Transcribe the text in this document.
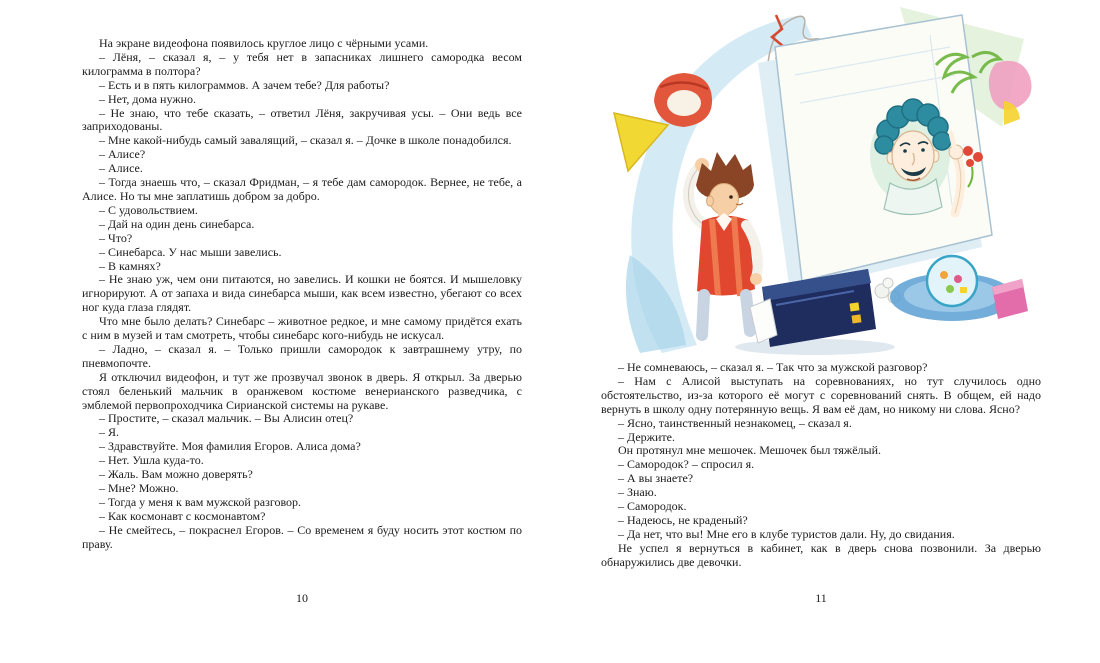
На экране видеофона появилось круглое лицо с чёрными усами.

– Лёня, – сказал я, – у тебя нет в запасниках лишнего самородка весом килограмма в полтора?

– Есть и в пять килограммов. А зачем тебе? Для работы?

– Нет, дома нужно.

– Не знаю, что тебе сказать, – ответил Лёня, закручивая усы. – Они ведь все заприходованы.

– Мне какой-нибудь самый завалящий, – сказал я. – Дочке в школе понадобился.

– Алисе?

– Алисе.

– Тогда знаешь что, – сказал Фридман, – я тебе дам самородок. Вернее, не тебе, а Алисе. Но ты мне заплатишь добром за добро.

– С удовольствием.

– Дай на один день синебарса.

– Что?

– Синебарса. У нас мыши завелись.

– В камнях?

– Не знаю уж, чем они питаются, но завелись. И кошки не боятся. И мышеловку игнорируют. А от запаха и вида синебарса мыши, как всем известно, убегают со всех ног куда глаза глядят.

Что мне было делать? Синебарс – животное редкое, и мне самому придётся ехать с ним в музей и там смотреть, чтобы синебарс кого-нибудь не искусал.

– Ладно, – сказал я. – Только пришли самородок к завтрашнему утру, по пневмопочте.

Я отключил видеофон, и тут же прозвучал звонок в дверь. Я открыл. За дверью стоял беленький мальчик в оранжевом костюме венерианского разведчика, с эмблемой первопроходчика Сирианской системы на рукаве.

– Простите, – сказал мальчик. – Вы Алисин отец?

– Я.

– Здравствуйте. Моя фамилия Егоров. Алиса дома?

– Нет. Ушла куда-то.

– Жаль. Вам можно доверять?

– Мне? Можно.

– Тогда у меня к вам мужской разговор.

– Как космонавт с космонавтом?

– Не смейтесь, – покраснел Егоров. – Со временем я буду носить этот костюм по праву.

10

– Не сомневаюсь, – сказал я. – Так что за мужской разговор?

– Нам с Алисой выступать на соревнованиях, но тут случилось одно обстоятельство, из-за которого её могут с соревнований снять. В общем, ей надо вернуть в школу одну потерянную вещь. Я вам её дам, но никому ни слова. Ясно?

– Ясно, таинственный незнакомец, – сказал я.

– Держите.

Он протянул мне мешочек. Мешочек был тяжёлый.

– Самородок? – спросил я.

– А вы знаете?

– Знаю.

– Самородок.

– Надеюсь, не краденый?

– Да нет, что вы! Мне его в клубе туристов дали. Ну, до свидания.

Не успел я вернуться в кабинет, как в дверь снова позвонили. За дверью обнаружились две девочки.

11
